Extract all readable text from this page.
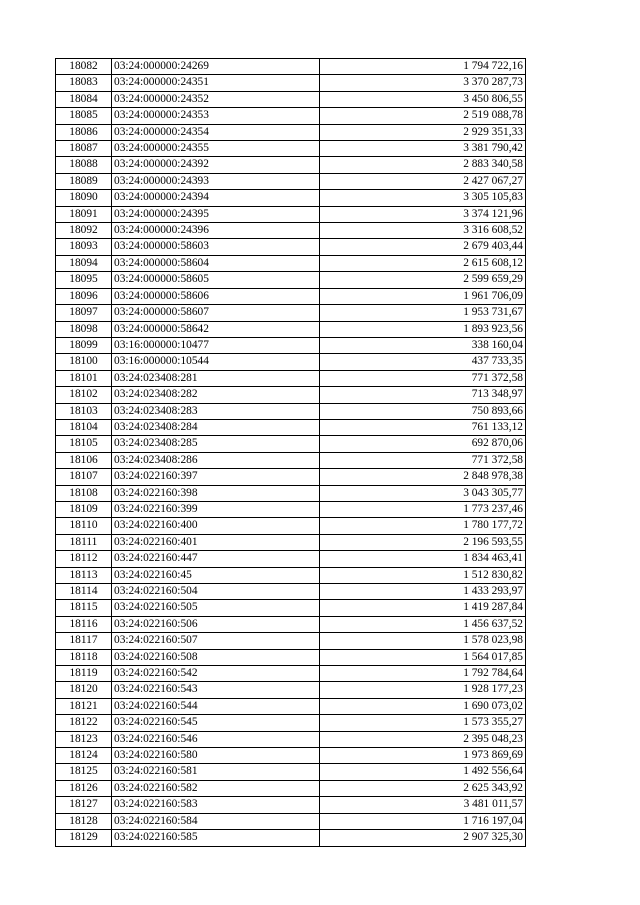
18082	03:24:000000:24269	1 794 722,16
18083	03:24:000000:24351	3 370 287,73
18084	03:24:000000:24352	3 450 806,55
18085	03:24:000000:24353	2 519 088,78
18086	03:24:000000:24354	2 929 351,33
18087	03:24:000000:24355	3 381 790,42
18088	03:24:000000:24392	2 883 340,58
18089	03:24:000000:24393	2 427 067,27
18090	03:24:000000:24394	3 305 105,83
18091	03:24:000000:24395	3 374 121,96
18092	03:24:000000:24396	3 316 608,52
18093	03:24:000000:58603	2 679 403,44
18094	03:24:000000:58604	2 615 608,12
18095	03:24:000000:58605	2 599 659,29
18096	03:24:000000:58606	1 961 706,09
18097	03:24:000000:58607	1 953 731,67
18098	03:24:000000:58642	1 893 923,56
18099	03:16:000000:10477	338 160,04
18100	03:16:000000:10544	437 733,35
18101	03:24:023408:281	771 372,58
18102	03:24:023408:282	713 348,97
18103	03:24:023408:283	750 893,66
18104	03:24:023408:284	761 133,12
18105	03:24:023408:285	692 870,06
18106	03:24:023408:286	771 372,58
18107	03:24:022160:397	2 848 978,38
18108	03:24:022160:398	3 043 305,77
18109	03:24:022160:399	1 773 237,46
18110	03:24:022160:400	1 780 177,72
18111	03:24:022160:401	2 196 593,55
18112	03:24:022160:447	1 834 463,41
18113	03:24:022160:45	1 512 830,82
18114	03:24:022160:504	1 433 293,97
18115	03:24:022160:505	1 419 287,84
18116	03:24:022160:506	1 456 637,52
18117	03:24:022160:507	1 578 023,98
18118	03:24:022160:508	1 564 017,85
18119	03:24:022160:542	1 792 784,64
18120	03:24:022160:543	1 928 177,23
18121	03:24:022160:544	1 690 073,02
18122	03:24:022160:545	1 573 355,27
18123	03:24:022160:546	2 395 048,23
18124	03:24:022160:580	1 973 869,69
18125	03:24:022160:581	1 492 556,64
18126	03:24:022160:582	2 625 343,92
18127	03:24:022160:583	3 481 011,57
18128	03:24:022160:584	1 716 197,04
18129	03:24:022160:585	2 907 325,30
